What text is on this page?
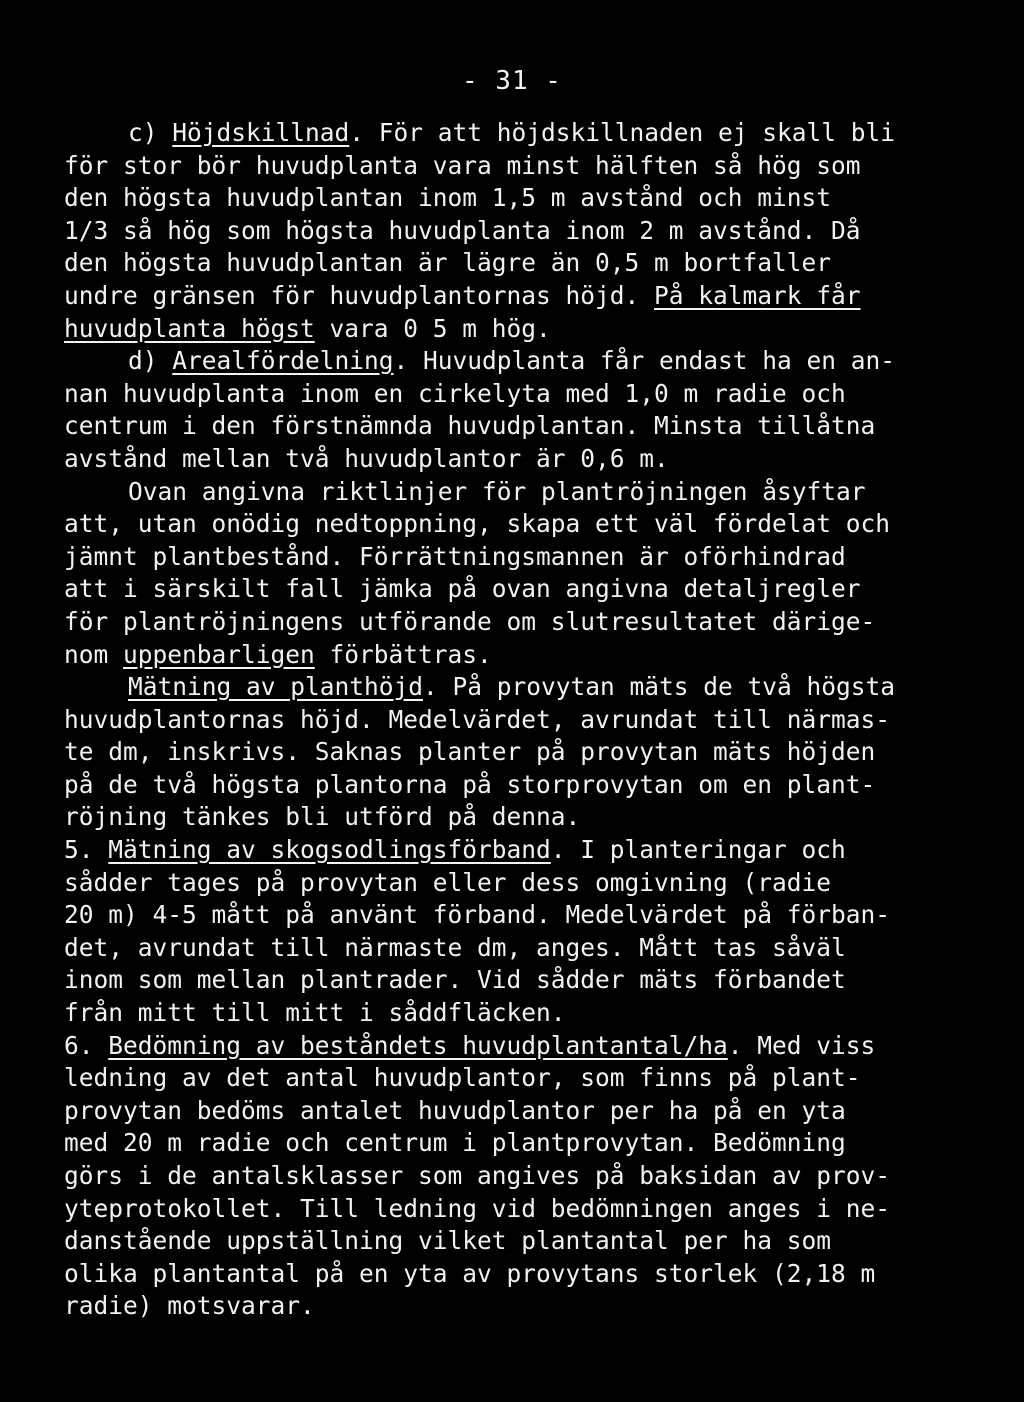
- 31 -
c) Höjdskillnad. För att höjdskillnaden ej skall bli
för stor bör huvudplanta vara minst hälften så hög som
den högsta huvudplantan inom 1,5 m avstånd och minst
1/3 så hög som högsta huvudplanta inom 2 m avstånd. Då
den högsta huvudplantan är lägre än 0,5 m bortfaller
undre gränsen för huvudplantornas höjd. På kalmark får
huvudplanta högst vara 0 5 m hög.
d) Arealfördelning. Huvudplanta får endast ha en an-
nan huvudplanta inom en cirkelyta med 1,0 m radie och
centrum i den förstnämnda huvudplantan. Minsta tillåtna
avstånd mellan två huvudplantor är 0,6 m.
Ovan angivna riktlinjer för plantröjningen åsyftar
att, utan onödig nedtoppning, skapa ett väl fördelat och
jämnt plantbestånd. Förrättningsmannen är oförhindrad
att i särskilt fall jämka på ovan angivna detaljregler
för plantröjningens utförande om slutresultatet därige-
nom uppenbarligen förbättras.
Mätning av planthöjd. På provytan mäts de två högsta
huvudplantornas höjd. Medelvärdet, avrundat till närmas-
te dm, inskrivs. Saknas planter på provytan mäts höjden
på de två högsta plantorna på storprovytan om en plant-
röjning tänkes bli utförd på denna.
5. Mätning av skogsodlingsförband. I planteringar och
sådder tages på provytan eller dess omgivning (radie
20 m) 4-5 mått på använt förband. Medelvärdet på förban-
det, avrundat till närmaste dm, anges. Mått tas såväl
inom som mellan plantrader. Vid sådder mäts förbandet
från mitt till mitt i såddfläcken.
6. Bedömning av beståndets huvudplantantal/ha. Med viss
ledning av det antal huvudplantor, som finns på plant-
provytan bedöms antalet huvudplantor per ha på en yta
med 20 m radie och centrum i plantprovytan. Bedömning
görs i de antalsklasser som angives på baksidan av prov-
yteprotokollet. Till ledning vid bedömningen anges i ne-
danstående uppställning vilket plantantal per ha som
olika plantantal på en yta av provytans storlek (2,18 m
radie) motsvarar.
